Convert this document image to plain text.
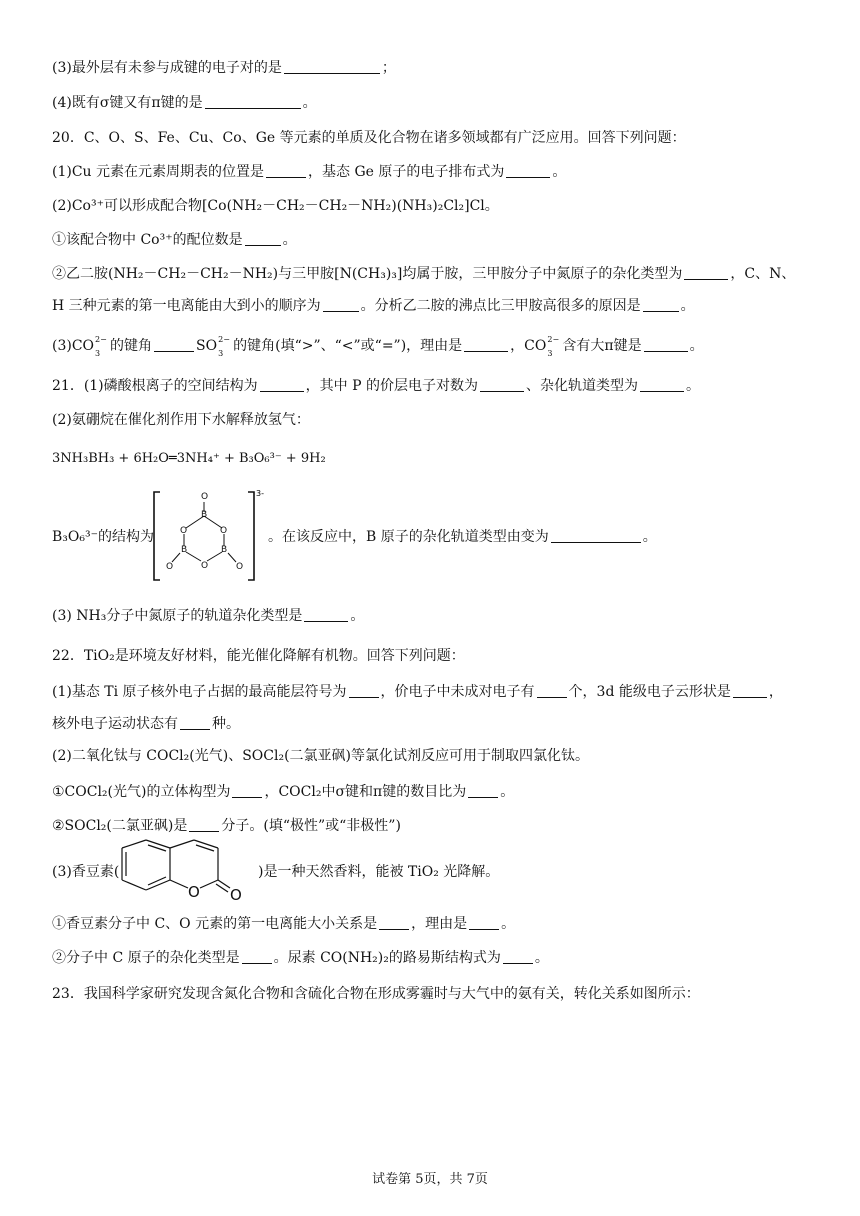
(3)最外层有未参与成键的电子对的是	；
(4)既有σ键又有π键的是	。
20．C、O、S、Fe、Cu、Co、Ge 等元素的单质及化合物在诸多领域都有广泛应用。回答下列问题：
(1)Cu 元素在元素周期表的位置是	，基态 Ge 原子的电子排布式为	。
(2)Co³⁺可以形成配合物[Co(NH₂－CH₂－CH₂－NH₂)(NH₃)₂Cl₂]Cl。
①该配合物中 Co³⁺的配位数是	。
②乙二胺(NH₂－CH₂－CH₂－NH₂)与三甲胺[N(CH₃)₃]均属于胺，三甲胺分子中氮原子的杂化类型为	，C、N、
H 三种元素的第一电离能由大到小的顺序为	。分析乙二胺的沸点比三甲胺高很多的原因是	。
(3)CO 2−
3 的键角	SO 2−
3 的键角(填“>”、“<”或“=”)，理由是	，CO 2−
3 含有大π键是	。
21．(1)磷酸根离子的空间结构为	，其中 P 的价层电子对数为	、杂化轨道类型为	。
(2)氨硼烷在催化剂作用下水解释放氢气：
3NH₃BH₃ + 6H₂O═3NH₄⁺ + B₃O₆³⁻ + 9H₂
B₃O₆³⁻的结构为
3-
O
B
O
O
B
B
O
O	O
。在该反应中，B 原子的杂化轨道类型由变为	。
(3) NH₃分子中氮原子的轨道杂化类型是	。
22．TiO₂是环境友好材料，能光催化降解有机物。回答下列问题：
(1)基态 Ti 原子核外电子占据的最高能层符号为 ，价电子中未成对电子有 个，3d 能级电子云形状是	，
核外电子运动状态有 种。
(2)二氧化钛与 COCl₂(光气)、SOCl₂(二氯亚砜)等氯化试剂反应可用于制取四氯化钛。
①COCl₂(光气)的立体构型为 ，COCl₂中σ键和π键的数目比为 。
②SOCl₂(二氯亚砜)是 分子。(填“极性”或“非极性”)
(3)香豆素(
O O
)是一种天然香料，能被 TiO₂ 光降解。
①香豆素分子中 C、O 元素的第一电离能大小关系是 ，理由是 。
②分子中 C 原子的杂化类型是 。尿素 CO(NH₂)₂的路易斯结构式为 。
23．我国科学家研究发现含氮化合物和含硫化合物在形成雾霾时与大气中的氨有关，转化关系如图所示：
试卷第 5页，共 7页
